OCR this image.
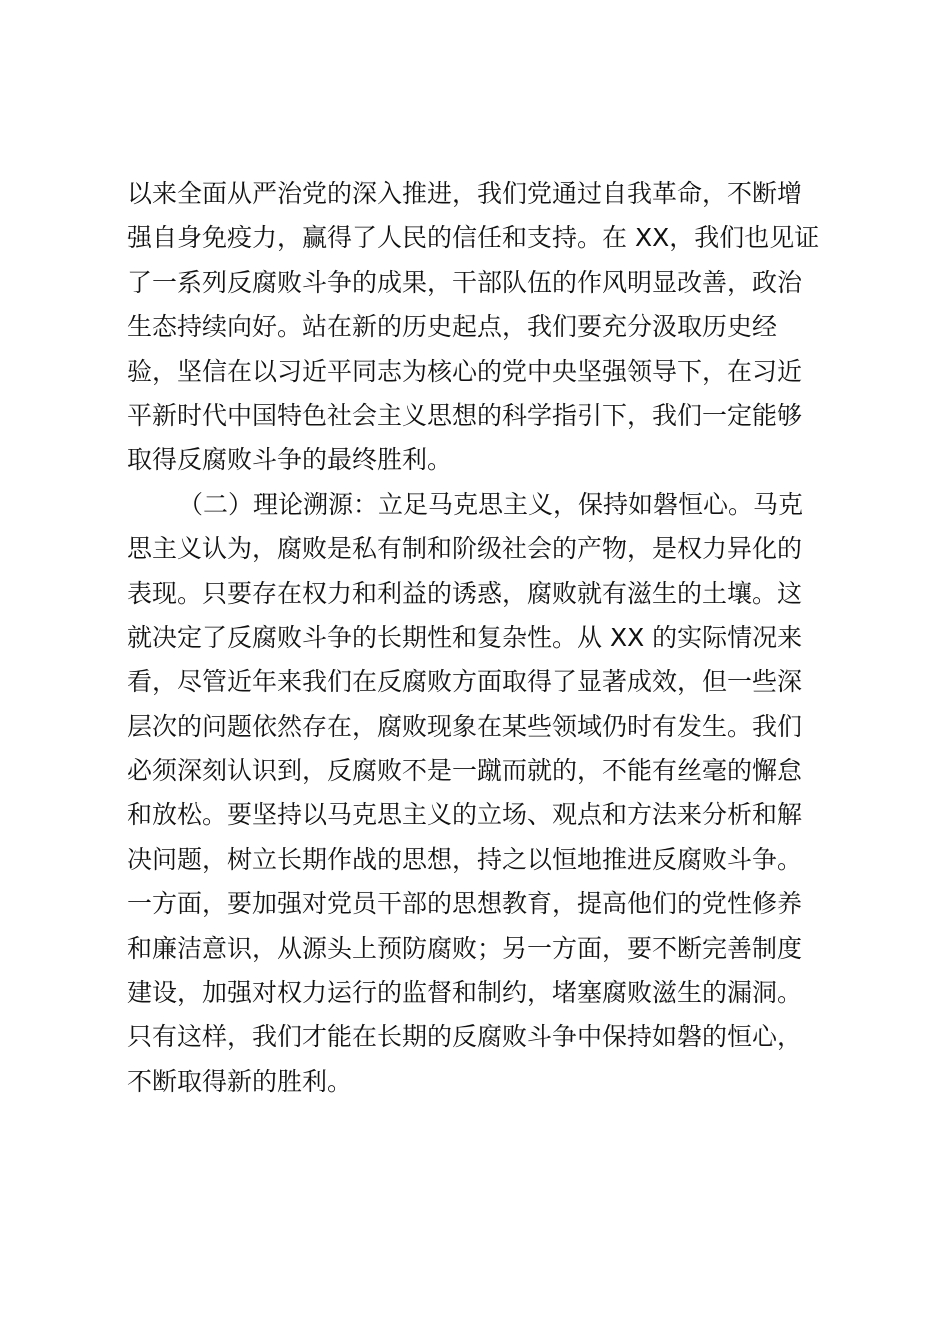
以来全面从严治党的深入推进，我们党通过自我革命，不断增
强自身免疫力，赢得了人民的信任和支持。在 XX，我们也见证
了一系列反腐败斗争的成果，干部队伍的作风明显改善，政治
生态持续向好。站在新的历史起点，我们要充分汲取历史经
验，坚信在以习近平同志为核心的党中央坚强领导下，在习近
平新时代中国特色社会主义思想的科学指引下，我们一定能够
取得反腐败斗争的最终胜利。
（二）理论溯源：立足马克思主义，保持如磐恒心。马克
思主义认为，腐败是私有制和阶级社会的产物，是权力异化的
表现。只要存在权力和利益的诱惑，腐败就有滋生的土壤。这
就决定了反腐败斗争的长期性和复杂性。从 XX 的实际情况来
看，尽管近年来我们在反腐败方面取得了显著成效，但一些深
层次的问题依然存在，腐败现象在某些领域仍时有发生。我们
必须深刻认识到，反腐败不是一蹴而就的，不能有丝毫的懈怠
和放松。要坚持以马克思主义的立场、观点和方法来分析和解
决问题，树立长期作战的思想，持之以恒地推进反腐败斗争。
一方面，要加强对党员干部的思想教育，提高他们的党性修养
和廉洁意识，从源头上预防腐败；另一方面，要不断完善制度
建设，加强对权力运行的监督和制约，堵塞腐败滋生的漏洞。
只有这样，我们才能在长期的反腐败斗争中保持如磐的恒心，
不断取得新的胜利。
